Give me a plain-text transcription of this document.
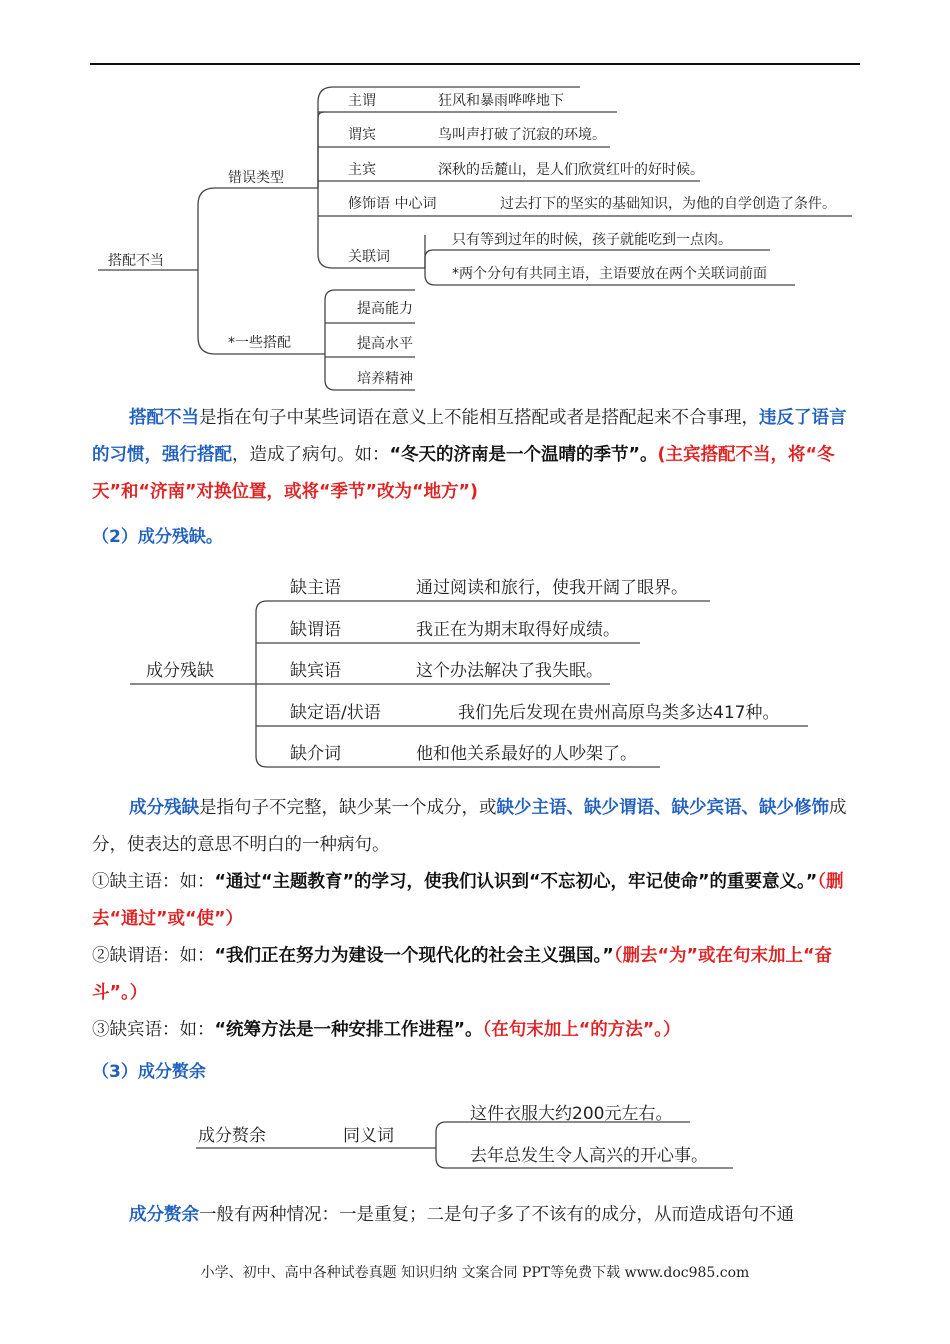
搭配不当
错误类型
*一些搭配
主谓	狂风和暴雨哗哗地下
谓宾	鸟叫声打破了沉寂的环境。
主宾	深秋的岳麓山，是人们欣赏红叶的好时候。
修饰语 中心词	过去打下的坚实的基础知识，为他的自学创造了条件。
关联词
只有等到过年的时候，孩子就能吃到一点肉。
*两个分句有共同主语，主语要放在两个关联词前面
提高能力
提高水平
培养精神
搭配不当是指在句子中某些词语在意义上不能相互搭配或者是搭配起来不合事理，违反了语言的习惯，强行搭配，造成了病句。如：“冬天的济南是一个温晴的季节”。(主宾搭配不当，将“冬天”和“济南”对换位置，或将“季节”改为“地方”)
（2）成分残缺。
成分残缺
缺主语	通过阅读和旅行，使我开阔了眼界。
缺谓语	我正在为期末取得好成绩。
缺宾语	这个办法解决了我失眠。
缺定语/状语	我们先后发现在贵州高原鸟类多达417种。
缺介词	他和他关系最好的人吵架了。
成分残缺是指句子不完整，缺少某一个成分，或缺少主语、缺少谓语、缺少宾语、缺少修饰成分，使表达的意思不明白的一种病句。
①缺主语：如：“通过“主题教育”的学习，使我们认识到“不忘初心，牢记使命”的重要意义。”（删去“通过”或“使”）
②缺谓语：如：“我们正在努力为建设一个现代化的社会主义强国。”（删去“为”或在句末加上“奋斗”。）
③缺宾语：如：“统筹方法是一种安排工作进程”。（在句末加上“的方法”。）
（3）成分赘余
成分赘余	同义词
这件衣服大约200元左右。
去年总发生令人高兴的开心事。
成分赘余一般有两种情况：一是重复；二是句子多了不该有的成分，从而造成语句不通
小学、初中、高中各种试卷真题 知识归纳 文案合同 PPT等免费下载 www.doc985.com
